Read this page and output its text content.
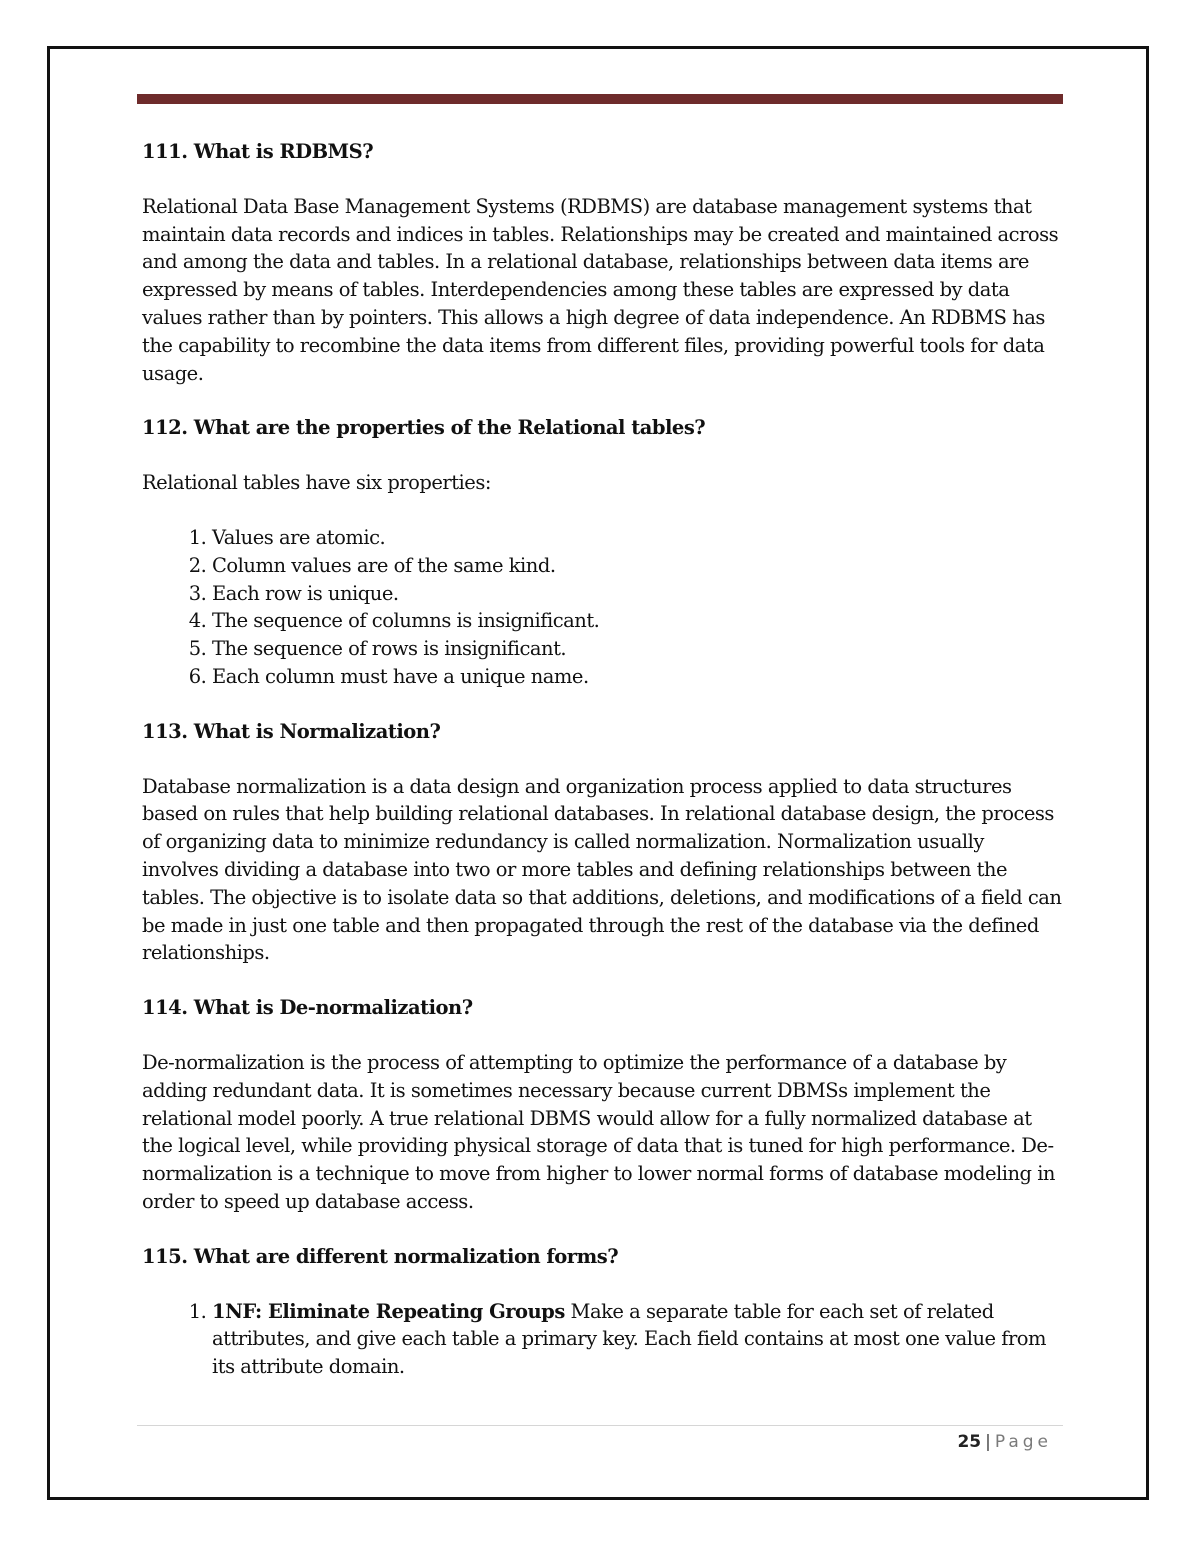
111. What is RDBMS?

Relational Data Base Management Systems (RDBMS) are database management systems that maintain data records and indices in tables. Relationships may be created and maintained across and among the data and tables. In a relational database, relationships between data items are expressed by means of tables. Interdependencies among these tables are expressed by data values rather than by pointers. This allows a high degree of data independence. An RDBMS has the capability to recombine the data items from different files, providing powerful tools for data usage.

112. What are the properties of the Relational tables?

Relational tables have six properties:

1. Values are atomic.
2. Column values are of the same kind.
3. Each row is unique.
4. The sequence of columns is insignificant.
5. The sequence of rows is insignificant.
6. Each column must have a unique name.
113. What is Normalization?

Database normalization is a data design and organization process applied to data structures based on rules that help building relational databases. In relational database design, the process of organizing data to minimize redundancy is called normalization. Normalization usually involves dividing a database into two or more tables and defining relationships between the tables. The objective is to isolate data so that additions, deletions, and modifications of a field can be made in just one table and then propagated through the rest of the database via the defined relationships.

114. What is De-normalization?

De-normalization is the process of attempting to optimize the performance of a database by adding redundant data. It is sometimes necessary because current DBMSs implement the relational model poorly. A true relational DBMS would allow for a fully normalized database at the logical level, while providing physical storage of data that is tuned for high performance. De-normalization is a technique to move from higher to lower normal forms of database modeling in order to speed up database access.

115. What are different normalization forms?
1. 1NF: Eliminate Repeating Groups Make a separate table for each set of related attributes, and give each table a primary key. Each field contains at most one value from its attribute domain.
25 | Page
